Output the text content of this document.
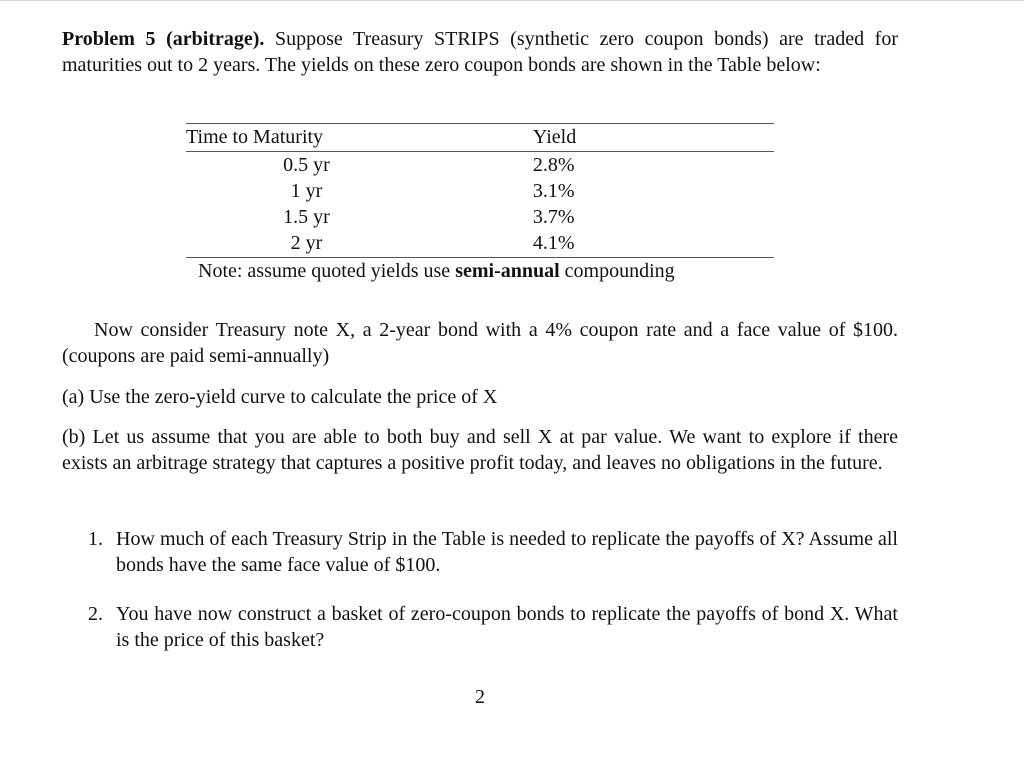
Problem 5 (arbitrage). Suppose Treasury STRIPS (synthetic zero coupon bonds) are traded for maturities out to 2 years. The yields on these zero coupon bonds are shown in the Table below:

Time to Maturity	Yield
0.5 yr	2.8%
1 yr	3.1%
1.5 yr	3.7%
2 yr	4.1%
Note: assume quoted yields use semi-annual compounding

Now consider Treasury note X, a 2-year bond with a 4% coupon rate and a face value of $100. (coupons are paid semi-annually)

(a) Use the zero-yield curve to calculate the price of X

(b) Let us assume that you are able to both buy and sell X at par value. We want to explore if there exists an arbitrage strategy that captures a positive profit today, and leaves no obligations in the future.

1. How much of each Treasury Strip in the Table is needed to replicate the payoffs of X? Assume all bonds have the same face value of $100.
2. You have now construct a basket of zero-coupon bonds to replicate the payoffs of bond X. What is the price of this basket?
2
